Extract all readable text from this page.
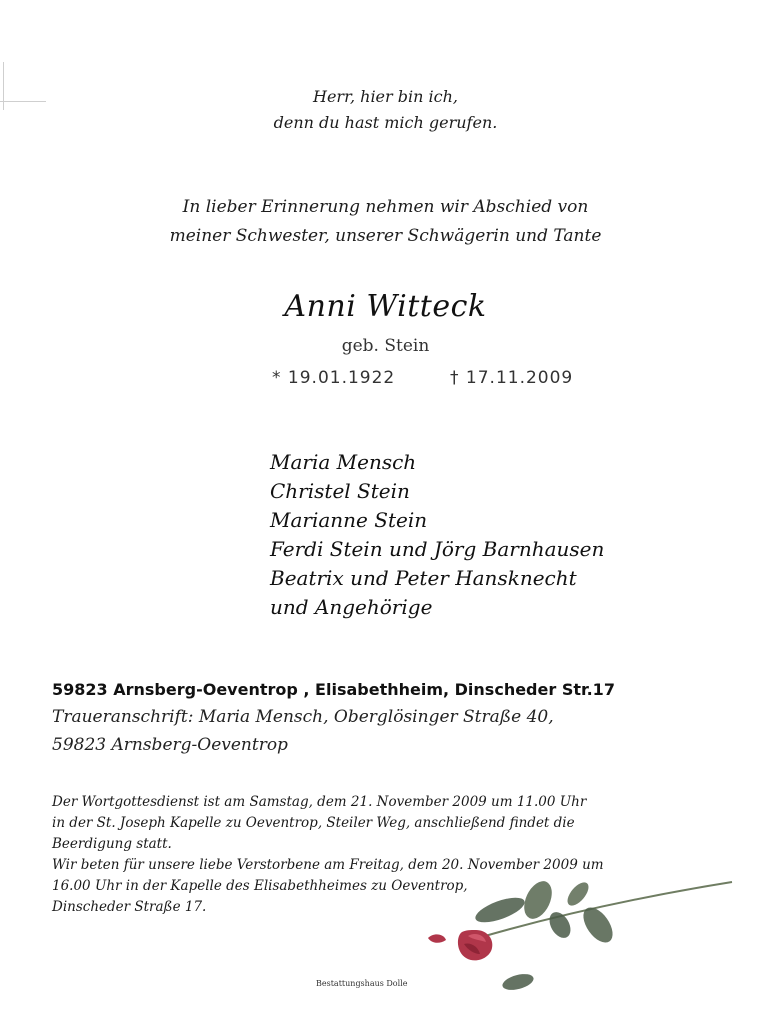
Herr, hier bin ich,
denn du hast mich gerufen.
In lieber Erinnerung nehmen wir Abschied von
meiner Schwester, unserer Schwägerin und Tante
Anni Witteck
geb. Stein
* 19.01.1922	† 17.11.2009
Maria Mensch
Christel Stein
Marianne Stein
Ferdi Stein und Jörg Barnhausen
Beatrix und Peter Hansknecht
und Angehörige
59823 Arnsberg-Oeventrop , Elisabethheim, Dinscheder Str.17
Traueranschrift: Maria Mensch, Oberglösinger Straße 40,
59823 Arnsberg-Oeventrop
Der Wortgottesdienst ist am Samstag, dem 21. November 2009 um 11.00 Uhr
in der St. Joseph Kapelle zu Oeventrop, Steiler Weg, anschließend findet die
Beerdigung statt.
Wir beten für unsere liebe Verstorbene am Freitag, dem 20. November 2009 um
16.00 Uhr in der Kapelle des Elisabethheimes zu Oeventrop,
Dinscheder Straße 17.
Bestattungshaus Dolle
